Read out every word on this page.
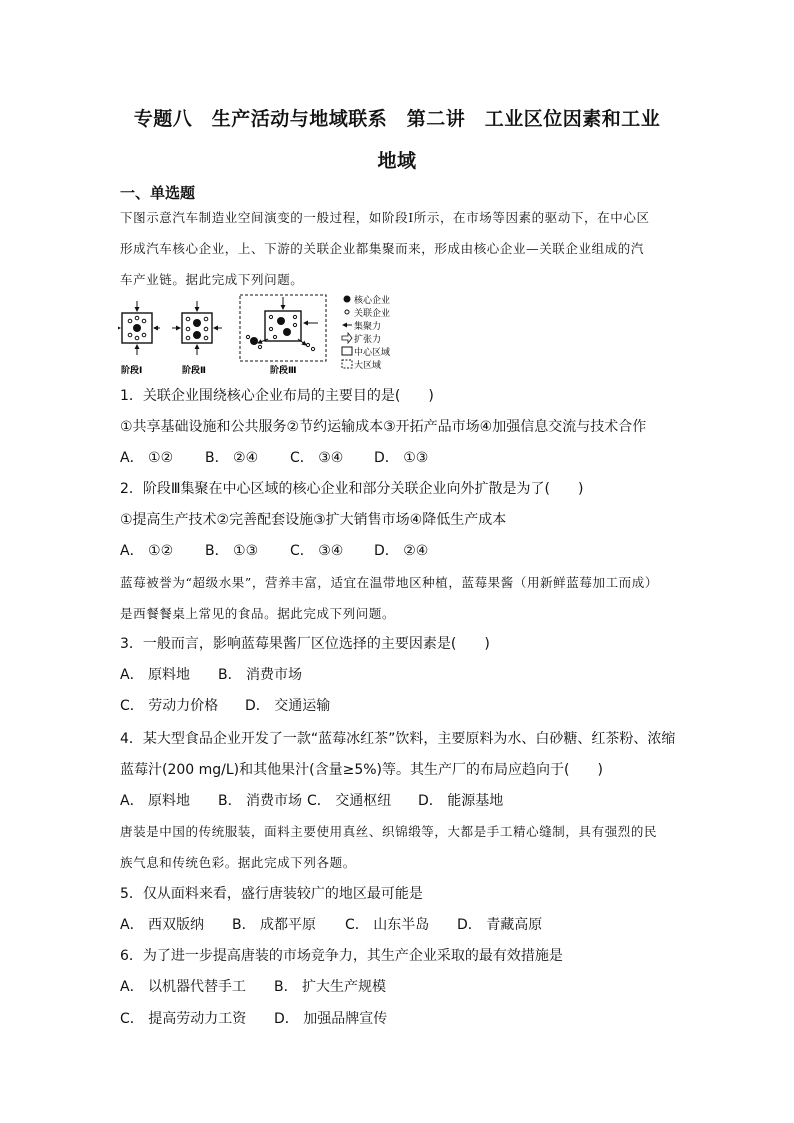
专题八　生产活动与地域联系　第二讲　工业区位因素和工业
地域
一、单选题
下图示意汽车制造业空间演变的一般过程，如阶段Ⅰ所示，在市场等因素的驱动下，在中心区
形成汽车核心企业，上、下游的关联企业都集聚而来，形成由核心企业—关联企业组成的汽
车产业链。据此完成下列问题。
阶段Ⅰ	阶段Ⅱ	阶段Ⅲ
核心企业
关联企业
集聚力
扩张力
中心区域
大区域
1．关联企业围绕核心企业布局的主要目的是(　　)
①共享基础设施和公共服务②节约运输成本③开拓产品市场④加强信息交流与技术合作
A． ①② B． ②④ C． ③④ D． ①③
2．阶段Ⅲ集聚在中心区域的核心企业和部分关联企业向外扩散是为了(　　)
①提高生产技术②完善配套设施③扩大销售市场④降低生产成本
A． ①② B． ①③ C． ③④ D． ②④
蓝莓被誉为“超级水果”，营养丰富，适宜在温带地区种植，蓝莓果酱（用新鲜蓝莓加工而成）
是西餐餐桌上常见的食品。据此完成下列问题。
3．一般而言，影响蓝莓果酱厂区位选择的主要因素是(　　)
A． 原料地 B． 消费市场
C． 劳动力价格 D． 交通运输
4．某大型食品企业开发了一款“蓝莓冰红茶”饮料，主要原料为水、白砂糖、红茶粉、浓缩
蓝莓汁(200 mg/L)和其他果汁(含量≥5%)等。其生产厂的布局应趋向于(　　)
A． 原料地 B． 消费市场 C． 交通枢纽 D． 能源基地
唐装是中国的传统服装，面料主要使用真丝、织锦缎等，大都是手工精心缝制，具有强烈的民
族气息和传统色彩。据此完成下列各题。
5．仅从面料来看，盛行唐装较广的地区最可能是
A． 西双版纳 B． 成都平原 C． 山东半岛 D． 青藏高原
6．为了进一步提高唐装的市场竞争力，其生产企业采取的最有效措施是
A． 以机器代替手工 B． 扩大生产规模
C． 提高劳动力工资 D． 加强品牌宣传
